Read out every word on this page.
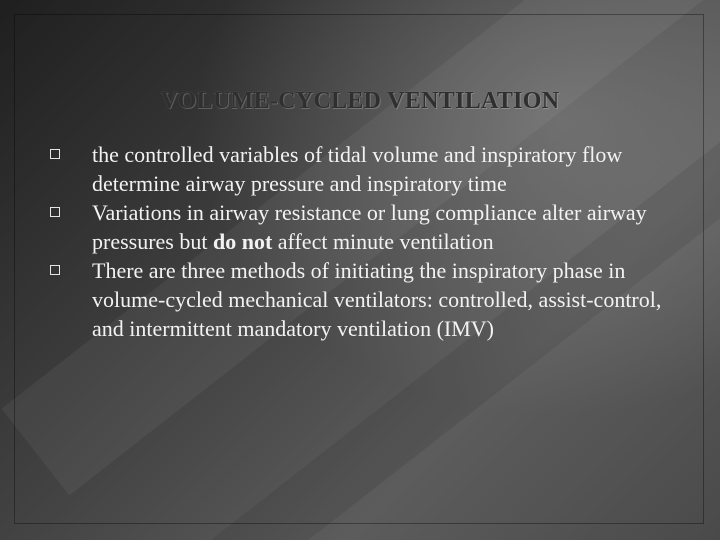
VOLUME-CYCLED VENTILATION
the controlled variables of tidal volume and inspiratory flow determine airway pressure and inspiratory time
Variations in airway resistance or lung compliance alter airway pressures but do not affect minute ventilation
There are three methods of initiating the inspiratory phase in volume-cycled mechanical ventilators: controlled, assist-control, and intermittent mandatory ventilation (IMV)
